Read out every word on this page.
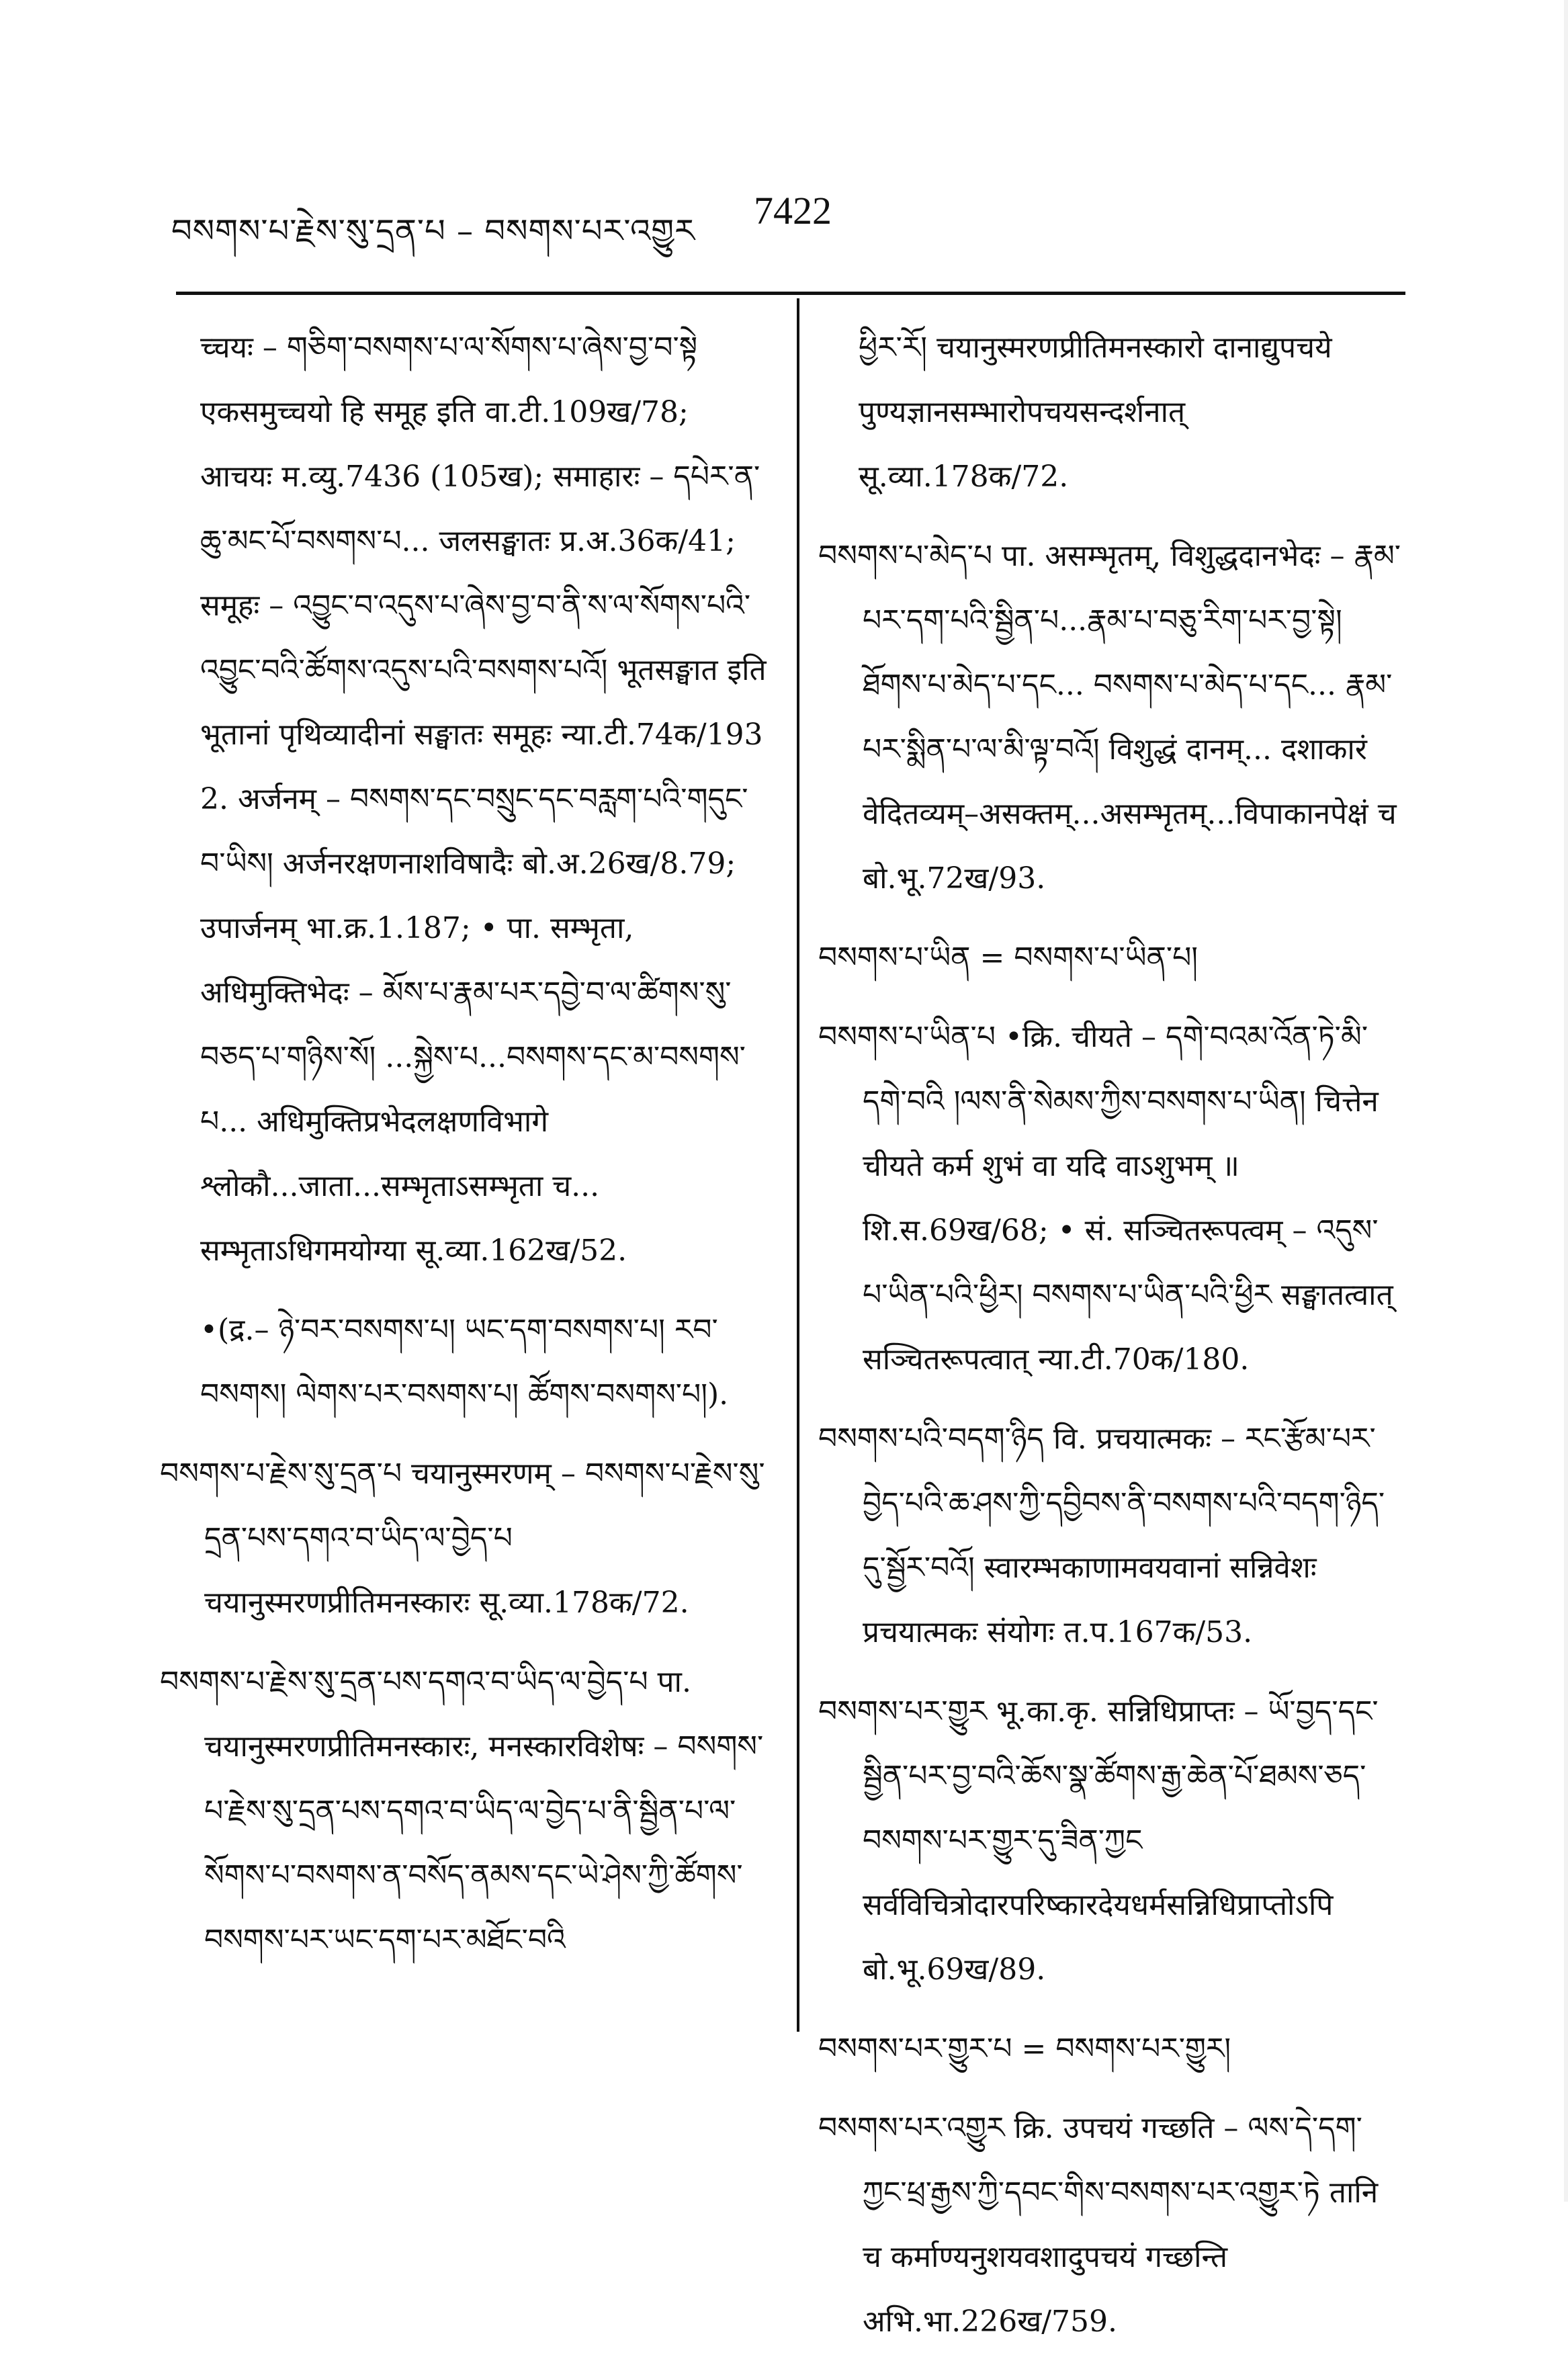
བསགས་པ་རྗེས་སུ་དྲན་པ – བསགས་པར་འགྱུར 7422

च्चयः – གཅིག་བསགས་པ་ལ་སོགས་པ་ཞེས་བྱ་བ་སྟེ एकसमुच्चयो हि समूह इति वा.टी.109ख/78; आचयः म.व्यु.7436 (105ख); समाहारः – དཔེར་ན་ཆུ་མང་པོ་བསགས་པ... जलसङ्घातः प्र.अ.36क/41; समूहः – འབྱུང་བ་འདུས་པ་ཞེས་བྱ་བ་ནི་ས་ལ་སོགས་པའི་འབྱུང་བའི་ཚོགས་འདུས་པའི་བསགས་པའོ། भूतसङ्घात इति भूतानां पृथिव्यादीनां सङ्घातः समूहः न्या.टी.74क/193 2. अर्जनम् – བསགས་དང་བསྲུང་དང་བརླག་པའི་གདུང་བ་ཡིས། अर्जनरक्षणनाशविषादैः बो.अ.26ख/8.79; उपार्जनम् भा.क्र.1.187; • पा. सम्भृता, अधिमुक्तिभेदः – མོས་པ་རྣམ་པར་དབྱེ་བ་ལ་ཚིགས་སུ་བཅད་པ་གཉིས་སོ། ...སྐྱེས་པ...བསགས་དང་མ་བསགས་པ... अधिमुक्तिप्रभेदलक्षणविभागे श्लोकौ...जाता...सम्भृताऽसम्भृता च... सम्भृताऽधिगमयोग्या सू.व्या.162ख/52.

•(द्र.– ཉེ་བར་བསགས་པ། ཡང་དག་བསགས་པ། རབ་བསགས། ལེགས་པར་བསགས་པ། ཚོགས་བསགས་པ།).

བསགས་པ་རྗེས་སུ་དྲན་པ चयानुस्मरणम् – བསགས་པ་རྗེས་སུ་དྲན་པས་དགའ་བ་ཡིད་ལ་བྱེད་པ चयानुस्मरणप्रीतिमनस्कारः सू.व्या.178क/72.

བསགས་པ་རྗེས་སུ་དྲན་པས་དགའ་བ་ཡིད་ལ་བྱེད་པ पा. चयानुस्मरणप्रीतिमनस्कारः, मनस्कारविशेषः – བསགས་པ་རྗེས་སུ་དྲན་པས་དགའ་བ་ཡིད་ལ་བྱེད་པ་ནི་སྦྱིན་པ་ལ་སོགས་པ་བསགས་ན་བསོད་ནམས་དང་ཡེ་ཤེས་ཀྱི་ཚོགས་བསགས་པར་ཡང་དག་པར་མཐོང་བའི

ཕྱིར་རོ། चयानुस्मरणप्रीतिमनस्कारो दानाद्युपचये पुण्यज्ञानसम्भारोपचयसन्दर्शनात् सू.व्या.178क/72.

བསགས་པ་མེད་པ पा. असम्भृतम्, विशुद्धदानभेदः – རྣམ་པར་དག་པའི་སྦྱིན་པ...རྣམ་པ་བཅུ་རིག་པར་བྱ་སྟེ། ཐོགས་པ་མེད་པ་དང... བསགས་པ་མེད་པ་དང... རྣམ་པར་སྨིན་པ་ལ་མི་ལྟ་བའོ། विशुद्धं दानम्... दशाकारं वेदितव्यम्–असक्तम्...असम्भृतम्...विपाकानपेक्षं च बो.भू.72ख/93.

བསགས་པ་ཡིན = བསགས་པ་ཡིན་པ།

བསགས་པ་ཡིན་པ •क्रि. चीयते – དགེ་བའམ་འོན་ཏེ་མི་དགེ་བའི །ལས་ནི་སེམས་ཀྱིས་བསགས་པ་ཡིན། चित्तेन चीयते कर्म शुभं वा यदि वाऽशुभम् ॥ शि.स.69ख/68; • सं. सञ्चितरूपत्वम् – འདུས་པ་ཡིན་པའི་ཕྱིར། བསགས་པ་ཡིན་པའི་ཕྱིར सङ्घातत्वात् सञ्चितरूपत्वात् न्या.टी.70क/180.

བསགས་པའི་བདག་ཉིད वि. प्रचयात्मकः – རང་རྩོམ་པར་བྱེད་པའི་ཆ་ཤས་ཀྱི་དབྱིབས་ནི་བསགས་པའི་བདག་ཉིད་དུ་སྦྱོར་བའོ། स्वारम्भकाणामवयवानां सन्निवेशः प्रचयात्मकः संयोगः त.प.167क/53.

བསགས་པར་གྱུར भू.का.कृ. सन्निधिप्राप्तः – ཡོ་བྱད་དང་སྦྱིན་པར་བྱ་བའི་ཆོས་སྣ་ཚོགས་རྒྱ་ཆེན་པོ་ཐམས་ཅད་བསགས་པར་གྱུར་དུ་ཟིན་ཀྱང सर्वविचित्रोदारपरिष्कारदेयधर्मसन्निधिप्राप्तोऽपि बो.भू.69ख/89.

བསགས་པར་གྱུར་པ = བསགས་པར་གྱུར།

བསགས་པར་འགྱུར क्रि. उपचयं गच्छति – ལས་དེ་དག་ཀྱང་ཕྲ་རྒྱས་ཀྱི་དབང་གིས་བསགས་པར་འགྱུར་ཏེ तानि च कर्माण्यनुशयवशादुपचयं गच्छन्ति अभि.भा.226ख/759.
